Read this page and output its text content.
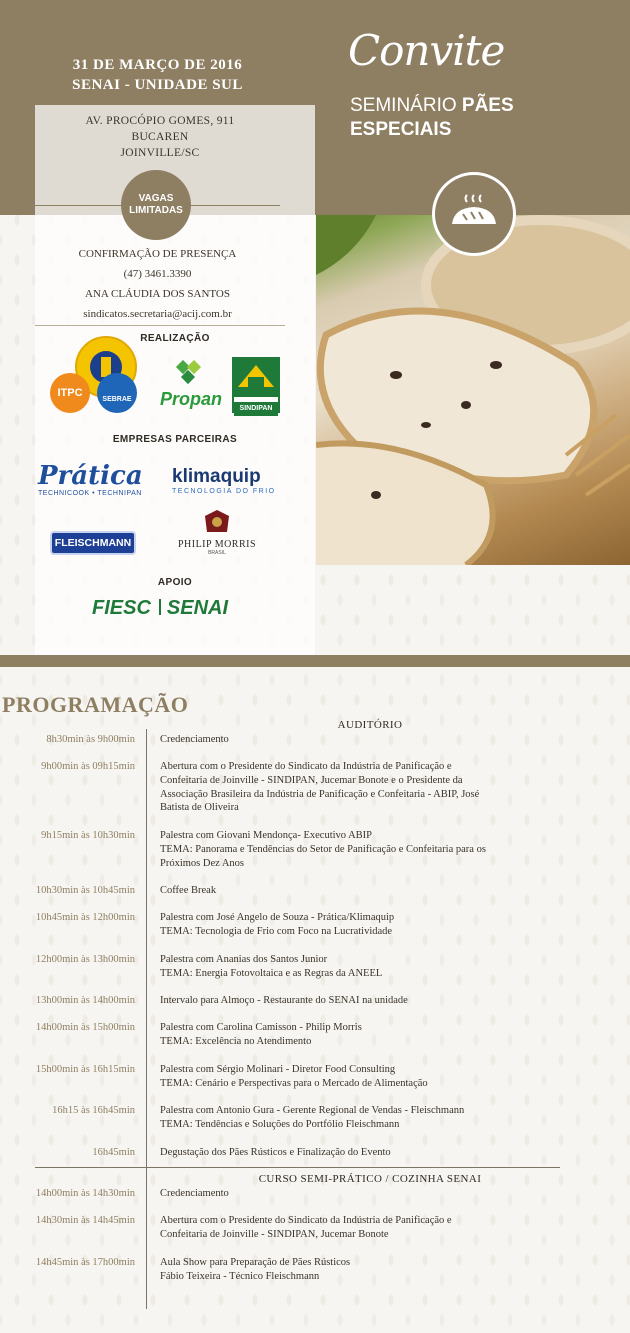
31 DE MARÇO DE 2016
SENAI - UNIDADE SUL
Convite
SEMINÁRIO PÃES
ESPECIAIS
AV. PROCÓPIO GOMES, 911
BUCAREN
JOINVILLE/SC
VAGAS
LIMITADAS
CONFIRMAÇÃO DE PRESENÇA
(47) 3461.3390
ANA CLÁUDIA DOS SANTOS
sindicatos.secretaria@acij.com.br
REALIZAÇÃO
ITPC
SEBRAE	Propan	SINDIPAN
EMPRESAS PARCEIRAS
Prática
TECHNICOOK • TECHNIPAN
klimaquip
TECNOLOGIA DO FRIO
FLEISCHMANN	PHILIP MORRIS
BRASIL
APOIO
FIESC SENAI
PROGRAMAÇÃO
AUDITÓRIO
8h30min às 9h00min Credenciamento
9h00min às 09h15min Abertura com o Presidente do Sindicato da Indústria de Panificação e
Confeitaria de Joinville - SINDIPAN, Jucemar Bonote e o Presidente da
Associação Brasileira da Indústria de Panificação e Confeitaria - ABIP, José
Batista de Oliveira
9h15min às 10h30min Palestra com Giovani Mendonça- Executivo ABIP
TEMA: Panorama e Tendências do Setor de Panificação e Confeitaria para os
Próximos Dez Anos
10h30min às 10h45min Coffee Break
10h45min às 12h00min Palestra com José Angelo de Souza - Prática/Klimaquip
TEMA: Tecnologia de Frio com Foco na Lucratividade
12h00min às 13h00min Palestra com Ananias dos Santos Junior
TEMA: Energia Fotovoltaica e as Regras da ANEEL
13h00min às 14h00min Intervalo para Almoço - Restaurante do SENAI na unidade
14h00min às 15h00min Palestra com Carolina Camisson - Philip Morris
TEMA: Excelência no Atendimento
15h00min às 16h15min Palestra com Sérgio Molinari - Diretor Food Consulting
TEMA: Cenário e Perspectivas para o Mercado de Alimentação
16h15 às 16h45min Palestra com Antonio Gura - Gerente Regional de Vendas - Fleischmann
TEMA: Tendências e Soluções do Portfólio Fleischmann
16h45min Degustação dos Pães Rústicos e Finalização do Evento
CURSO SEMI-PRÁTICO / COZINHA SENAI
14h00min às 14h30min Credenciamento
14h30min às 14h45min Abertura com o Presidente do Sindicato da Indústria de Panificação e
Confeitaria de Joinville - SINDIPAN, Jucemar Bonote
14h45min às 17h00min Aula Show para Preparação de Pães Rústicos
Fábio Teixeira - Técnico Fleischmann
